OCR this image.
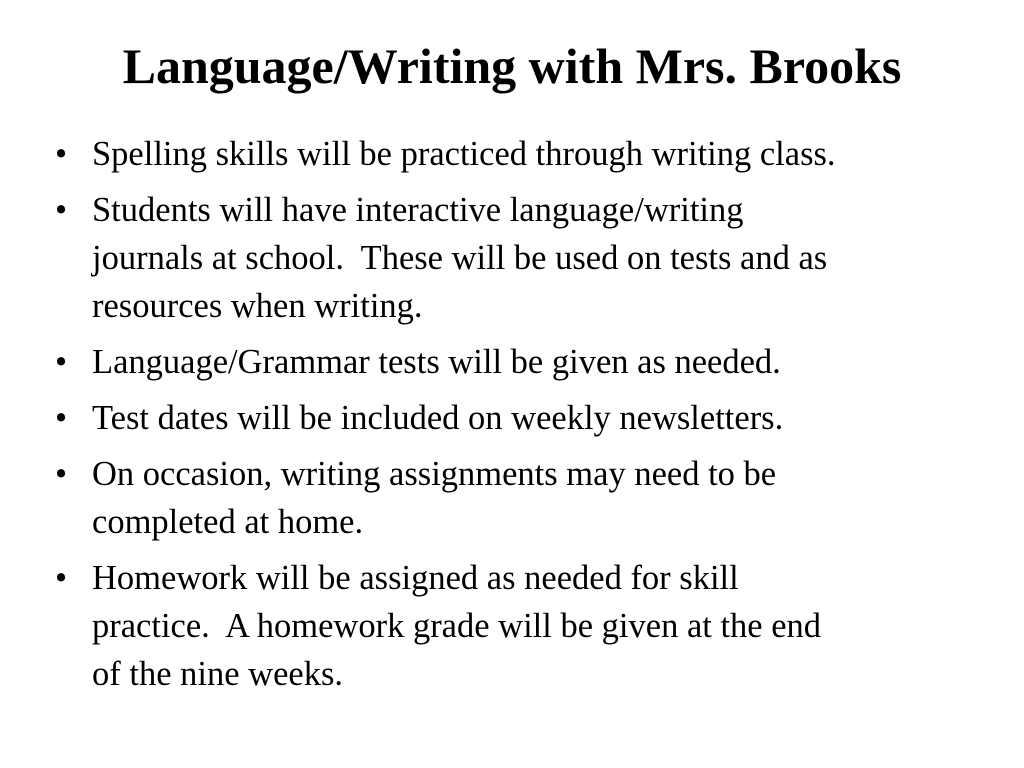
Language/Writing with Mrs. Brooks
• Spelling skills will be practiced through writing class.
• Students will have interactive language/writing
journals at school.  These will be used on tests and as
resources when writing.
• Language/Grammar tests will be given as needed.
• Test dates will be included on weekly newsletters.
• On occasion, writing assignments may need to be
completed at home.
• Homework will be assigned as needed for skill
practice.  A homework grade will be given at the end
of the nine weeks.
